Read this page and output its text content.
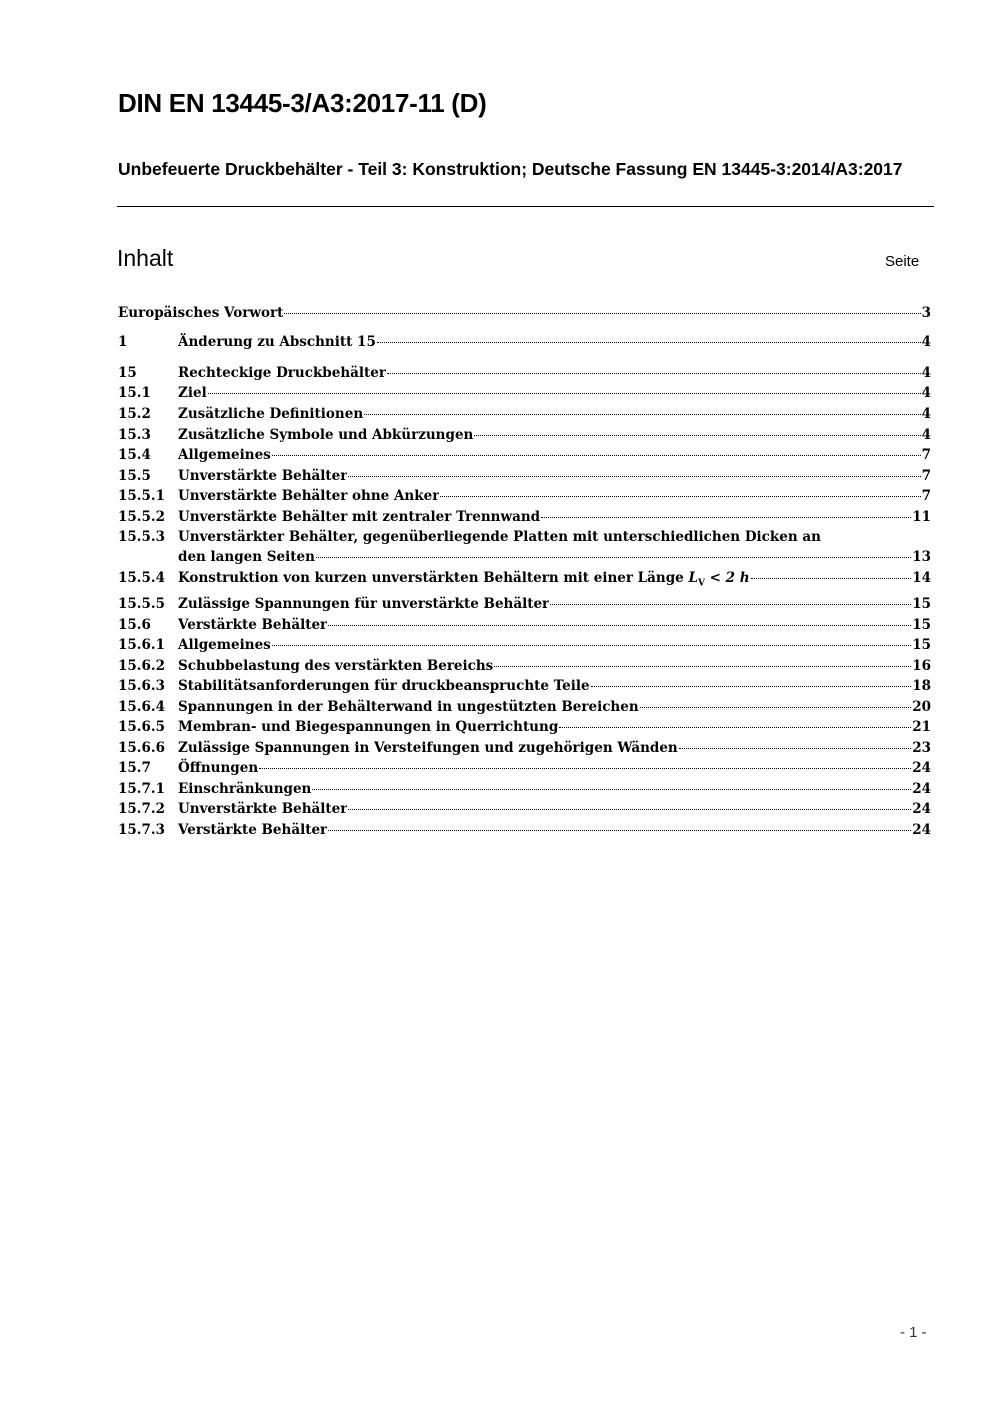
DIN EN 13445-3/A3:2017-11 (D)
Unbefeuerte Druckbehälter - Teil 3: Konstruktion; Deutsche Fassung EN 13445-3:2014/A3:2017
Inhalt	Seite
Europäisches Vorwort	3
1	Änderung zu Abschnitt 15	4
15	Rechteckige Druckbehälter	4
15.1 Ziel	4
15.2 Zusätzliche Definitionen	4
15.3 Zusätzliche Symbole und Abkürzungen	4
15.4 Allgemeines	7
15.5 Unverstärkte Behälter	7
15.5.1 Unverstärkte Behälter ohne Anker	7
15.5.2 Unverstärkte Behälter mit zentraler Trennwand	11
15.5.3 Unverstärkter Behälter, gegenüberliegende Platten mit unterschiedlichen Dicken an
den langen Seiten	13
15.5.4 Konstruktion von kurzen unverstärkten Behältern mit einer Länge $L_V < 2$ h	14
15.5.5 Zulässige Spannungen für unverstärkte Behälter	15
15.6 Verstärkte Behälter	15
15.6.1 Allgemeines	15
15.6.2 Schubbelastung des verstärkten Bereichs	16
15.6.3 Stabilitätsanforderungen für druckbeanspruchte Teile	18
15.6.4 Spannungen in der Behälterwand in ungestützten Bereichen	20
15.6.5 Membran- und Biegespannungen in Querrichtung	21
15.6.6 Zulässige Spannungen in Versteifungen und zugehörigen Wänden	23
15.7 Öffnungen	24
15.7.1 Einschränkungen	24
15.7.2 Unverstärkte Behälter	24
15.7.3 Verstärkte Behälter	24
- 1 -
